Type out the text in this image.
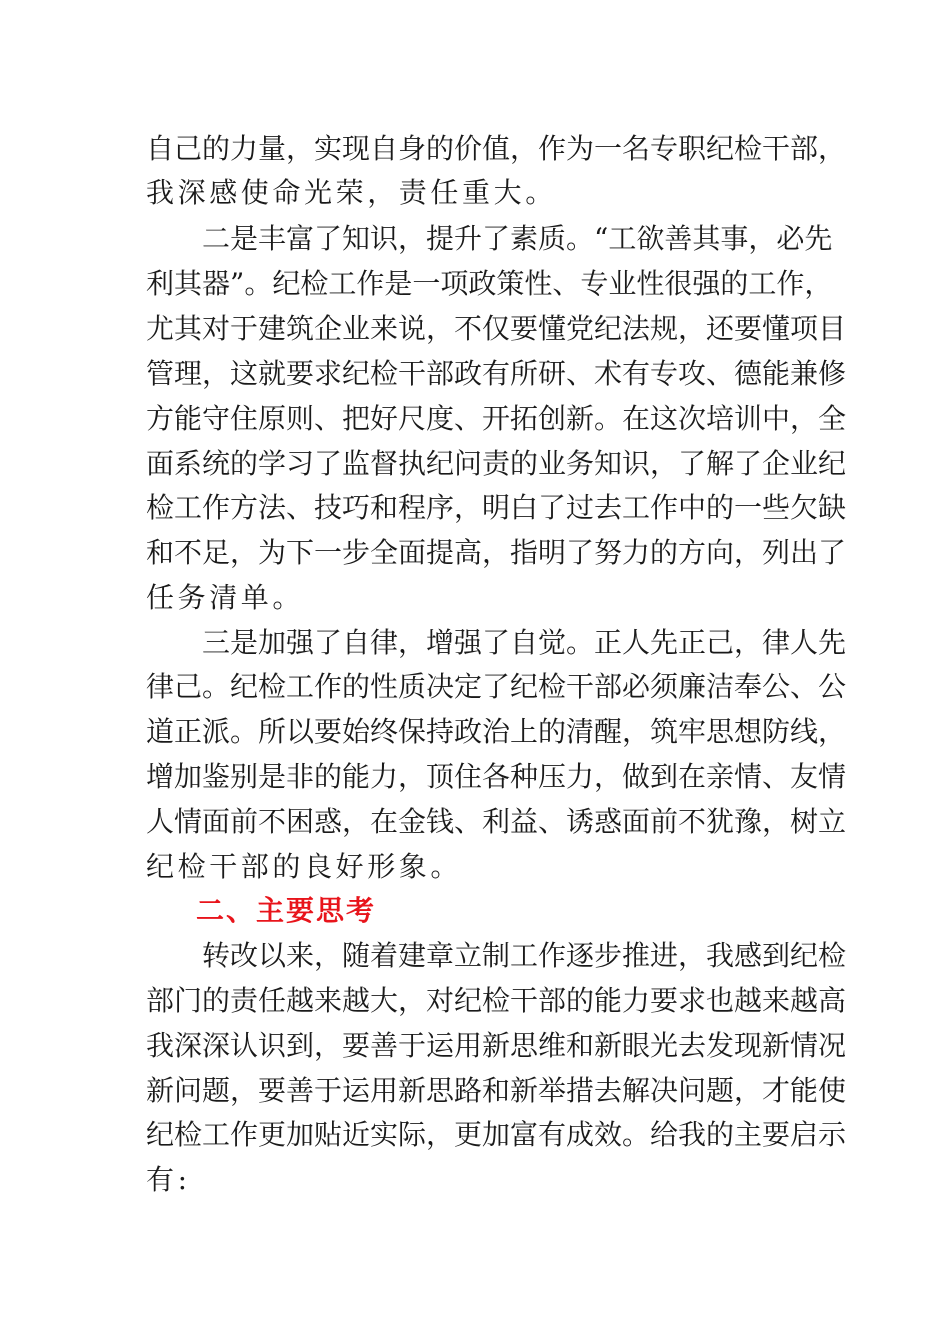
自己的力量，实现自身的价值，作为一名专职纪检干部，
我深感使命光荣，责任重大。
二是丰富了知识，提升了素质。“工欲善其事，必先
利其器”。纪检工作是一项政策性、专业性很强的工作，
尤其对于建筑企业来说，不仅要懂党纪法规，还要懂项目
管理，这就要求纪检干部政有所研、术有专攻、德能兼修
方能守住原则、把好尺度、开拓创新。在这次培训中，全
面系统的学习了监督执纪问责的业务知识，了解了企业纪
检工作方法、技巧和程序，明白了过去工作中的一些欠缺
和不足，为下一步全面提高，指明了努力的方向，列出了
任务清单。
三是加强了自律，增强了自觉。正人先正己，律人先
律己。纪检工作的性质决定了纪检干部必须廉洁奉公、公
道正派。所以要始终保持政治上的清醒，筑牢思想防线，
增加鉴别是非的能力，顶住各种压力，做到在亲情、友情
人情面前不困惑，在金钱、利益、诱惑面前不犹豫，树立
纪检干部的良好形象。
二、主要思考
转改以来，随着建章立制工作逐步推进，我感到纪检
部门的责任越来越大，对纪检干部的能力要求也越来越高
我深深认识到，要善于运用新思维和新眼光去发现新情况
新问题，要善于运用新思路和新举措去解决问题，才能使
纪检工作更加贴近实际，更加富有成效。给我的主要启示
有:
